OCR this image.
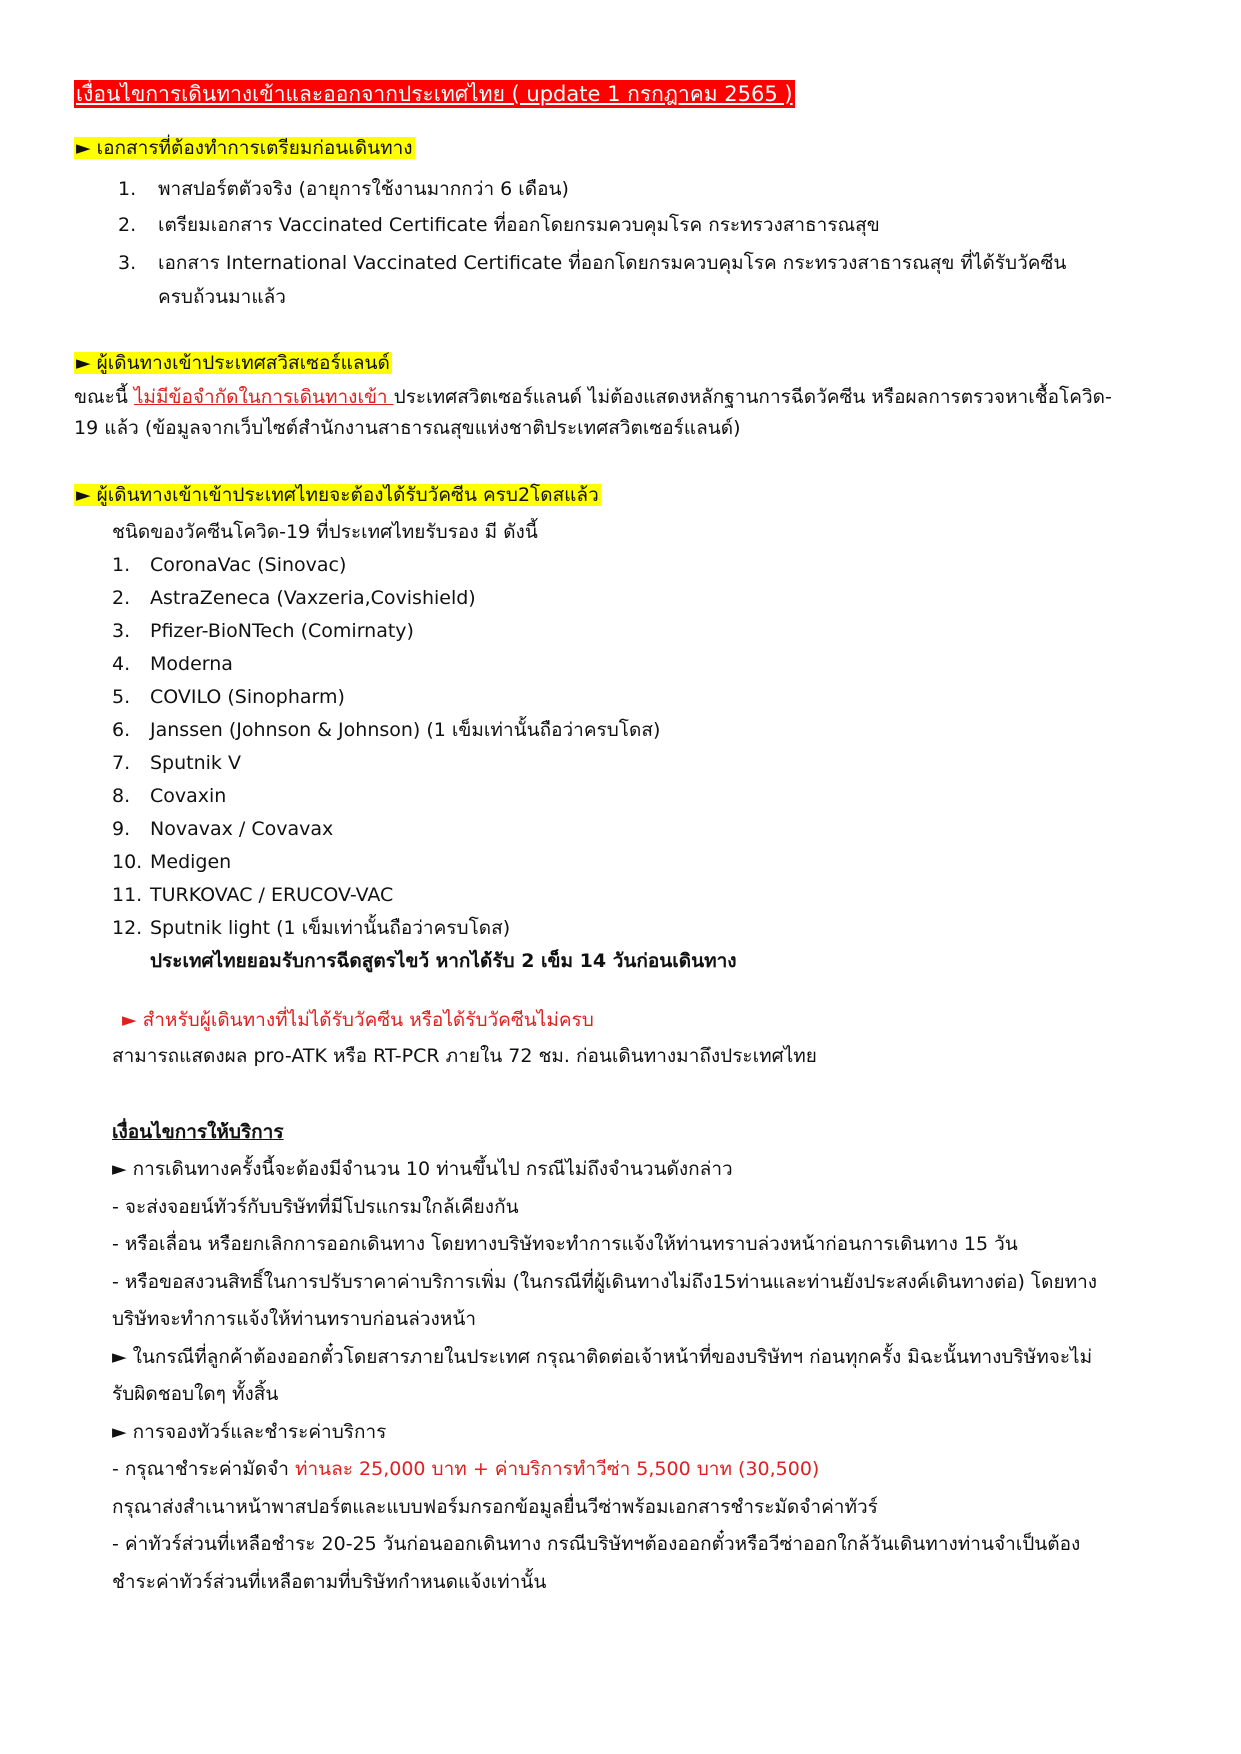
เงื่อนไขการเดินทางเข้าและออกจากประเทศไทย ( update 1 กรกฎาคม 2565 )
► เอกสารที่ต้องทำการเตรียมก่อนเดินทาง
1. พาสปอร์ตตัวจริง (อายุการใช้งานมากกว่า 6 เดือน)
2. เตรียมเอกสาร Vaccinated Certificate ที่ออกโดยกรมควบคุมโรค กระทรวงสาธารณสุข
3. เอกสาร International Vaccinated Certificate ที่ออกโดยกรมควบคุมโรค กระทรวงสาธารณสุข ที่ได้รับวัคซีน
ครบถ้วนมาแล้ว
► ผู้เดินทางเข้าประเทศสวิสเซอร์แลนด์
ขณะนี้ ไม่มีข้อจำกัดในการเดินทางเข้า ประเทศสวิตเซอร์แลนด์ ไม่ต้องแสดงหลักฐานการฉีดวัคซีน หรือผลการตรวจหาเชื้อโควิด-
19 แล้ว (ข้อมูลจากเว็บไซต์สำนักงานสาธารณสุขแห่งชาติประเทศสวิตเซอร์แลนด์)
► ผู้เดินทางเข้าเข้าประเทศไทยจะต้องได้รับวัคซีน ครบ2โดสแล้ว
ชนิดของวัคซีนโควิด-19 ที่ประเทศไทยรับรอง มี ดังนี้
1. CoronaVac (Sinovac)
2. AstraZeneca (Vaxzeria,Covishield)
3. Pfizer-BioNTech (Comirnaty)
4. Moderna
5. COVILO (Sinopharm)
6. Janssen (Johnson & Johnson) (1 เข็มเท่านั้นถือว่าครบโดส)
7. Sputnik V
8. Covaxin
9. Novavax / Covavax
10. Medigen
11. TURKOVAC / ERUCOV-VAC
12. Sputnik light (1 เข็มเท่านั้นถือว่าครบโดส)
ประเทศไทยยอมรับการฉีดสูตรไขว้ หากได้รับ 2 เข็ม 14 วันก่อนเดินทาง
► สำหรับผู้เดินทางที่ไม่ได้รับวัคซีน หรือได้รับวัคซีนไม่ครบ
สามารถแสดงผล pro-ATK หรือ RT-PCR ภายใน 72 ชม. ก่อนเดินทางมาถึงประเทศไทย
เงื่อนไขการให้บริการ
► การเดินทางครั้งนี้จะต้องมีจำนวน 10 ท่านขึ้นไป กรณีไม่ถึงจำนวนดังกล่าว
- จะส่งจอยน์ทัวร์กับบริษัทที่มีโปรแกรมใกล้เคียงกัน
- หรือเลื่อน หรือยกเลิกการออกเดินทาง โดยทางบริษัทจะทำการแจ้งให้ท่านทราบล่วงหน้าก่อนการเดินทาง 15 วัน
- หรือขอสงวนสิทธิ์ในการปรับราคาค่าบริการเพิ่ม (ในกรณีที่ผู้เดินทางไม่ถึง15ท่านและท่านยังประสงค์เดินทางต่อ) โดยทาง
บริษัทจะทำการแจ้งให้ท่านทราบก่อนล่วงหน้า
► ในกรณีที่ลูกค้าต้องออกตั๋วโดยสารภายในประเทศ กรุณาติดต่อเจ้าหน้าที่ของบริษัทฯ ก่อนทุกครั้ง มิฉะนั้นทางบริษัทจะไม่
รับผิดชอบใดๆ ทั้งสิ้น
► การจองทัวร์และชำระค่าบริการ
- กรุณาชำระค่ามัดจำ ท่านละ 25,000 บาท + ค่าบริการทำวีซ่า 5,500 บาท (30,500)
กรุณาส่งสำเนาหน้าพาสปอร์ตและแบบฟอร์มกรอกข้อมูลยื่นวีซ่าพร้อมเอกสารชำระมัดจำค่าทัวร์
- ค่าทัวร์ส่วนที่เหลือชำระ 20-25 วันก่อนออกเดินทาง กรณีบริษัทฯต้องออกตั๋วหรือวีซ่าออกใกล้วันเดินทางท่านจำเป็นต้อง
ชำระค่าทัวร์ส่วนที่เหลือตามที่บริษัทกำหนดแจ้งเท่านั้น
